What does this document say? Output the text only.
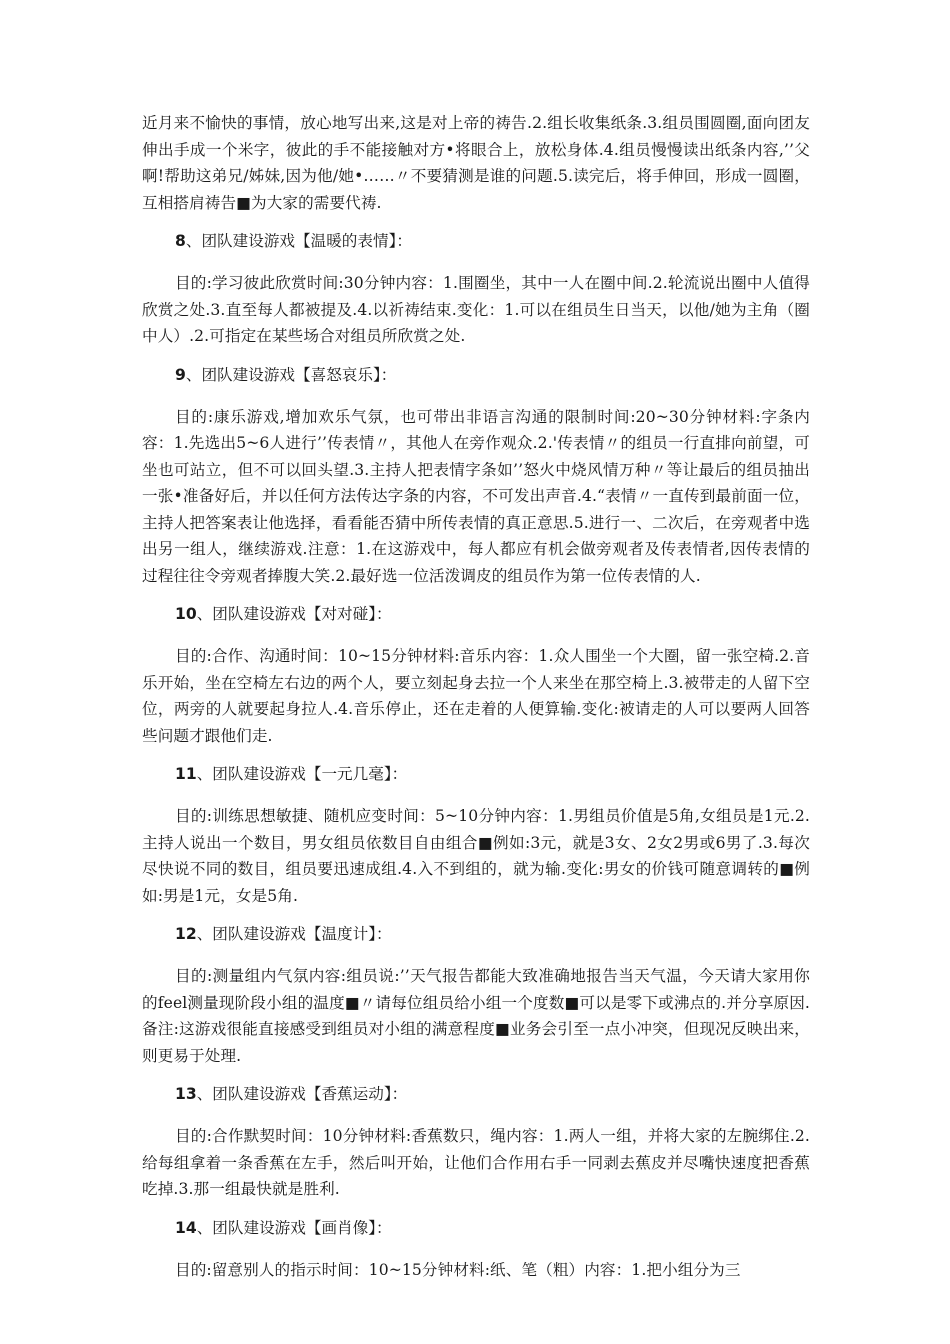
近月来不愉快的事情，放心地写出来,这是对上帝的祷告.2.组长收集纸条.3.组员围圆圈,面向团友伸出手成一个米字，彼此的手不能接触对方•将眼合上，放松身体.4.组员慢慢读出纸条内容,’’父啊!帮助这弟兄/姊妹,因为他/她•……〃不要猜测是谁的问题.5.读完后，将手伸回，形成一圆圈，互相搭肩祷告■为大家的需要代祷.

8、团队建设游戏【温暖的表情】：

目的:学习彼此欣赏时间:30分钟内容：1.围圈坐，其中一人在圈中间.2.轮流说出圈中人值得欣赏之处.3.直至每人都被提及.4.以祈祷结束.变化：1.可以在组员生日当天，以他/她为主角（圈中人）.2.可指定在某些场合对组员所欣赏之处.

9、团队建设游戏【喜怒哀乐】：

目的:康乐游戏,增加欢乐气氛，也可带出非语言沟通的限制时间:20~30分钟材料:字条内容：1.先选出5~6人进行’’传表情〃，其他人在旁作观众.2.'传表情〃的组员一行直排向前望，可坐也可站立，但不可以回头望.3.主持人把表情字条如’’怒火中烧风情万种〃等让最后的组员抽出一张•准备好后，并以任何方法传达字条的内容，不可发出声音.4.“表情〃一直传到最前面一位，主持人把答案表让他选择，看看能否猜中所传表情的真正意思.5.进行一、二次后，在旁观者中选出另一组人，继续游戏.注意：1.在这游戏中，每人都应有机会做旁观者及传表情者,因传表情的过程往往令旁观者捧腹大笑.2.最好选一位活泼调皮的组员作为第一位传表情的人.

10、团队建设游戏【对对碰】：

目的:合作、沟通时间：10~15分钟材料:音乐内容：1.众人围坐一个大圈，留一张空椅.2.音乐开始，坐在空椅左右边的两个人，要立刻起身去拉一个人来坐在那空椅上.3.被带走的人留下空位，两旁的人就要起身拉人.4.音乐停止，还在走着的人便算输.变化:被请走的人可以要两人回答些问题才跟他们走.

11、团队建设游戏【一元几毫】：

目的:训练思想敏捷、随机应变时间：5~10分钟内容：1.男组员价值是5角,女组员是1元.2.主持人说出一个数目，男女组员依数目自由组合■例如:3元，就是3女、2女2男或6男了.3.每次尽快说不同的数目，组员要迅速成组.4.入不到组的，就为输.变化:男女的价钱可随意调转的■例如:男是1元，女是5角.

12、团队建设游戏【温度计】：

目的:测量组内气氛内容:组员说:’’天气报告都能大致准确地报告当天气温，今天请大家用你的feel测量现阶段小组的温度■〃请每位组员给小组一个度数■可以是零下或沸点的.并分享原因.备注:这游戏很能直接感受到组员对小组的满意程度■业务会引至一点小冲突，但现况反映出来，则更易于处理.

13、团队建设游戏【香蕉运动】：

目的:合作默契时间：10分钟材料:香蕉数只，绳内容：1.两人一组，并将大家的左腕绑住.2.给每组拿着一条香蕉在左手，然后叫开始，让他们合作用右手一同剥去蕉皮并尽嘴快速度把香蕉吃掉.3.那一组最快就是胜利.

14、团队建设游戏【画肖像】：

目的:留意别人的指示时间：10~15分钟材料:纸、笔（粗）内容：1.把小组分为三
